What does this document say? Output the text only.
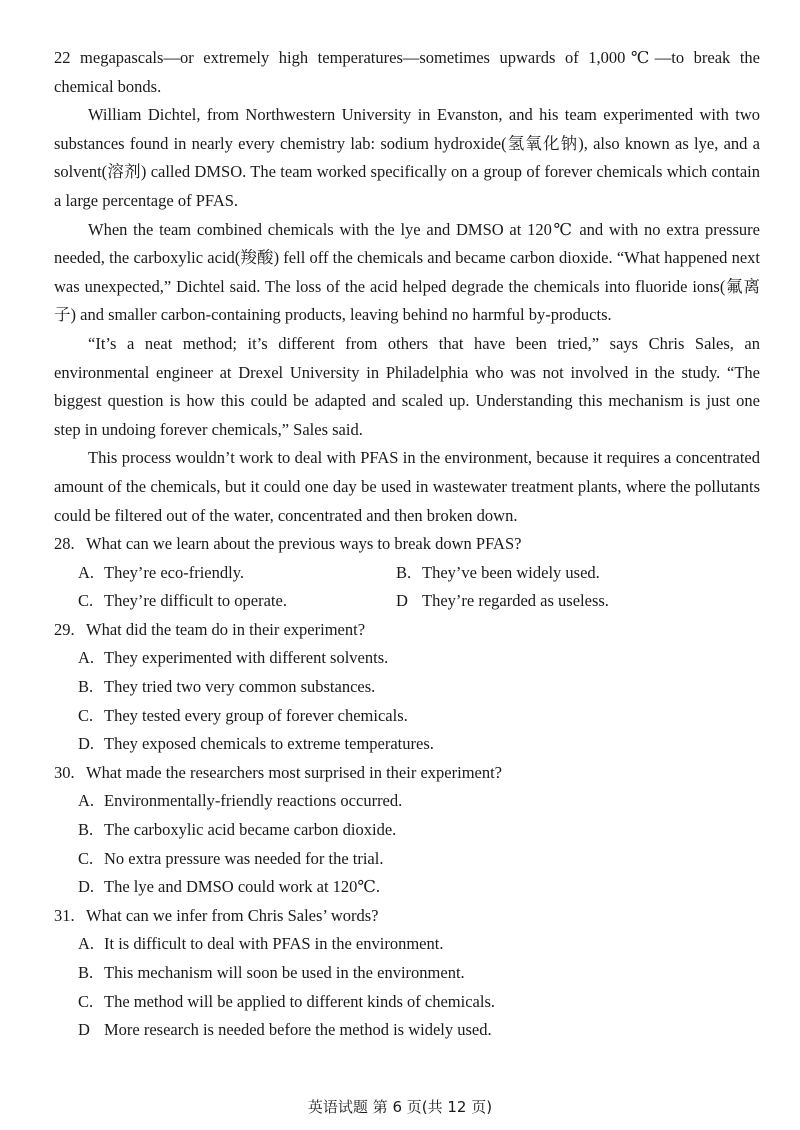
22 megapascals—or extremely high temperatures—sometimes upwards of 1,000℃—to break the chemical bonds.

William Dichtel, from Northwestern University in Evanston, and his team experimented with two substances found in nearly every chemistry lab: sodium hydroxide(氢氧化钠), also known as lye, and a solvent(溶剂) called DMSO. The team worked specifically on a group of forever chemicals which contain a large percentage of PFAS.

When the team combined chemicals with the lye and DMSO at 120℃ and with no extra pressure needed, the carboxylic acid(羧酸) fell off the chemicals and became carbon dioxide. “What happened next was unexpected,” Dichtel said. The loss of the acid helped degrade the chemicals into fluoride ions(氟离子) and smaller carbon-containing products, leaving behind no harmful by-products.

“It’s a neat method; it’s different from others that have been tried,” says Chris Sales, an environmental engineer at Drexel University in Philadelphia who was not involved in the study. “The biggest question is how this could be adapted and scaled up. Understanding this mechanism is just one step in undoing forever chemicals,” Sales said.

This process wouldn’t work to deal with PFAS in the environment, because it requires a concentrated amount of the chemicals, but it could one day be used in wastewater treatment plants, where the pollutants could be filtered out of the water, concentrated and then broken down.

28. What can we learn about the previous ways to break down PFAS?
A. They’re eco-friendly.	B. They’ve been widely used.
C. They’re difficult to operate.	D They’re regarded as useless.
29. What did the team do in their experiment?
A. They experimented with different solvents.
B. They tried two very common substances.
C. They tested every group of forever chemicals.
D. They exposed chemicals to extreme temperatures.
30. What made the researchers most surprised in their experiment?
A. Environmentally-friendly reactions occurred.
B. The carboxylic acid became carbon dioxide.
C. No extra pressure was needed for the trial.
D. The lye and DMSO could work at 120℃.
31. What can we infer from Chris Sales’ words?
A. It is difficult to deal with PFAS in the environment.
B. This mechanism will soon be used in the environment.
C. The method will be applied to different kinds of chemicals.
D More research is needed before the method is widely used.
英语试题 第 6 页(共 12 页)
